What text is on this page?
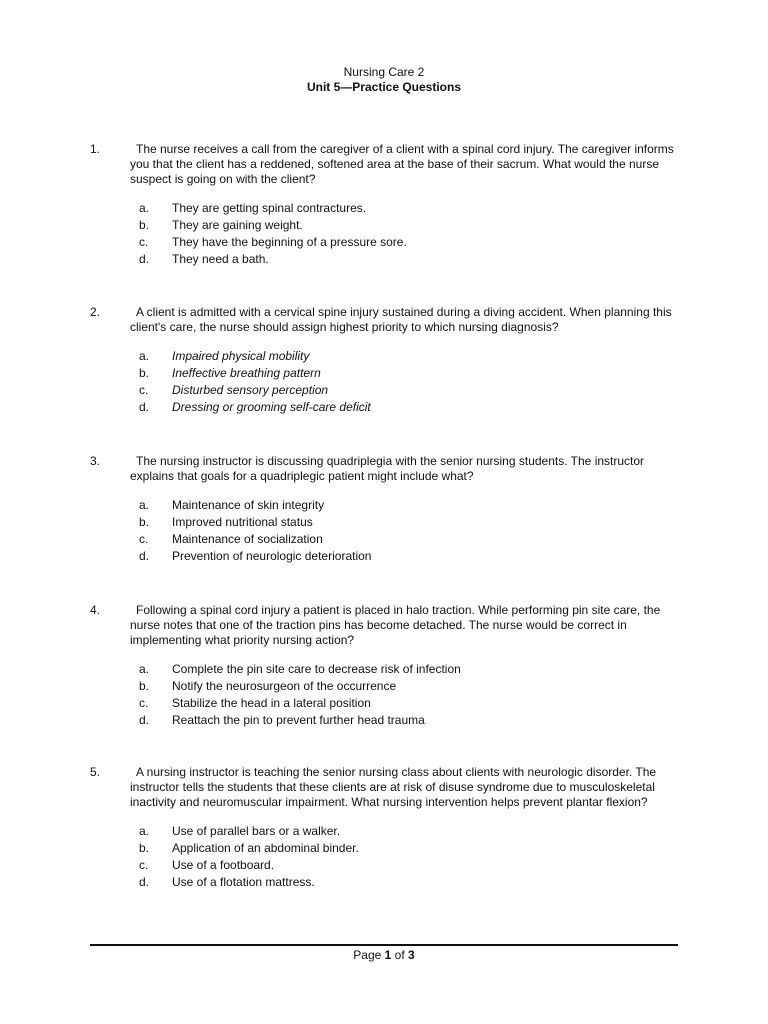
Nursing Care 2
Unit 5—Practice Questions
1.	The nurse receives a call from the caregiver of a client with a spinal cord injury. The caregiver informs you that the client has a reddened, softened area at the base of their sacrum. What would the nurse suspect is going on with the client?
a.	They are getting spinal contractures.
b.	They are gaining weight.
c.	They have the beginning of a pressure sore.
d.	They need a bath.
2.	A client is admitted with a cervical spine injury sustained during a diving accident. When planning this client's care, the nurse should assign highest priority to which nursing diagnosis?
a.	Impaired physical mobility
b.	Ineffective breathing pattern
c.	Disturbed sensory perception
d.	Dressing or grooming self-care deficit
3.	The nursing instructor is discussing quadriplegia with the senior nursing students. The instructor explains that goals for a quadriplegic patient might include what?
a.	Maintenance of skin integrity
b.	Improved nutritional status
c.	Maintenance of socialization
d.	Prevention of neurologic deterioration
4.	Following a spinal cord injury a patient is placed in halo traction. While performing pin site care, the nurse notes that one of the traction pins has become detached. The nurse would be correct in implementing what priority nursing action?
a.	Complete the pin site care to decrease risk of infection
b.	Notify the neurosurgeon of the occurrence
c.	Stabilize the head in a lateral position
d.	Reattach the pin to prevent further head trauma
5.	A nursing instructor is teaching the senior nursing class about clients with neurologic disorder. The instructor tells the students that these clients are at risk of disuse syndrome due to musculoskeletal inactivity and neuromuscular impairment. What nursing intervention helps prevent plantar flexion?
a.	Use of parallel bars or a walker.
b.	Application of an abdominal binder.
c.	Use of a footboard.
d.	Use of a flotation mattress.
Page 1 of 3
